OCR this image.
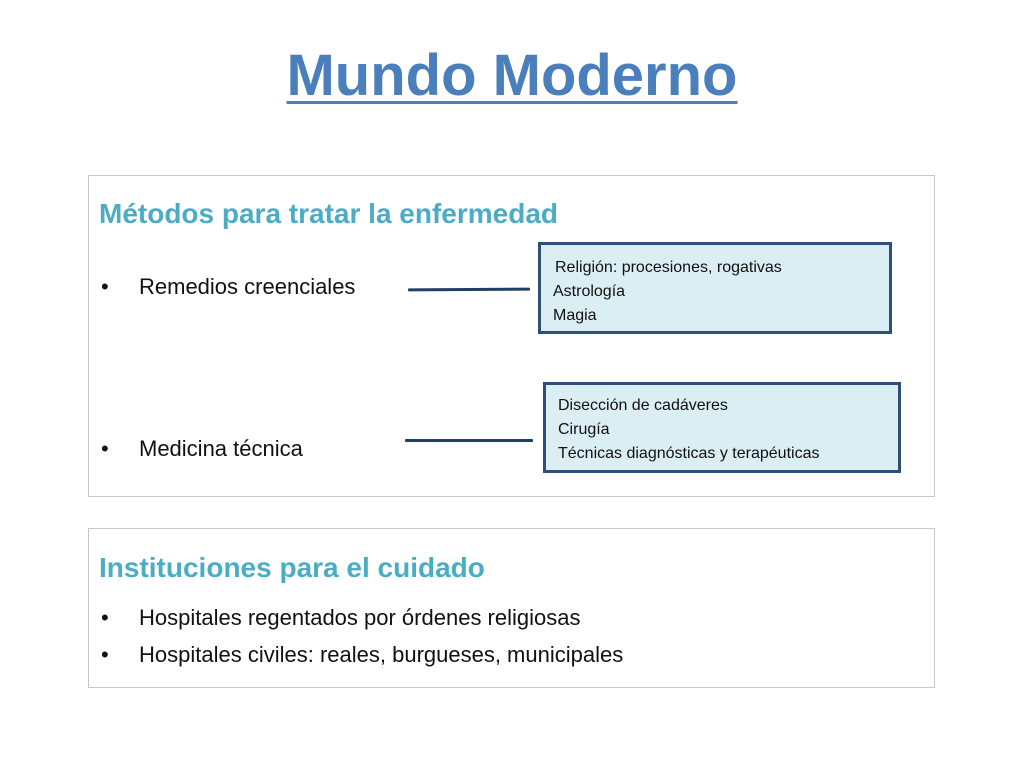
Mundo Moderno
Métodos para tratar la enfermedad
• Remedios creenciales
• Medicina técnica
Religión: procesiones, rogativas
Astrología
Magia
Disección de cadáveres
Cirugía
Técnicas diagnósticas y terapéuticas
Instituciones para el cuidado
• Hospitales regentados por órdenes religiosas
• Hospitales civiles: reales, burgueses, municipales
